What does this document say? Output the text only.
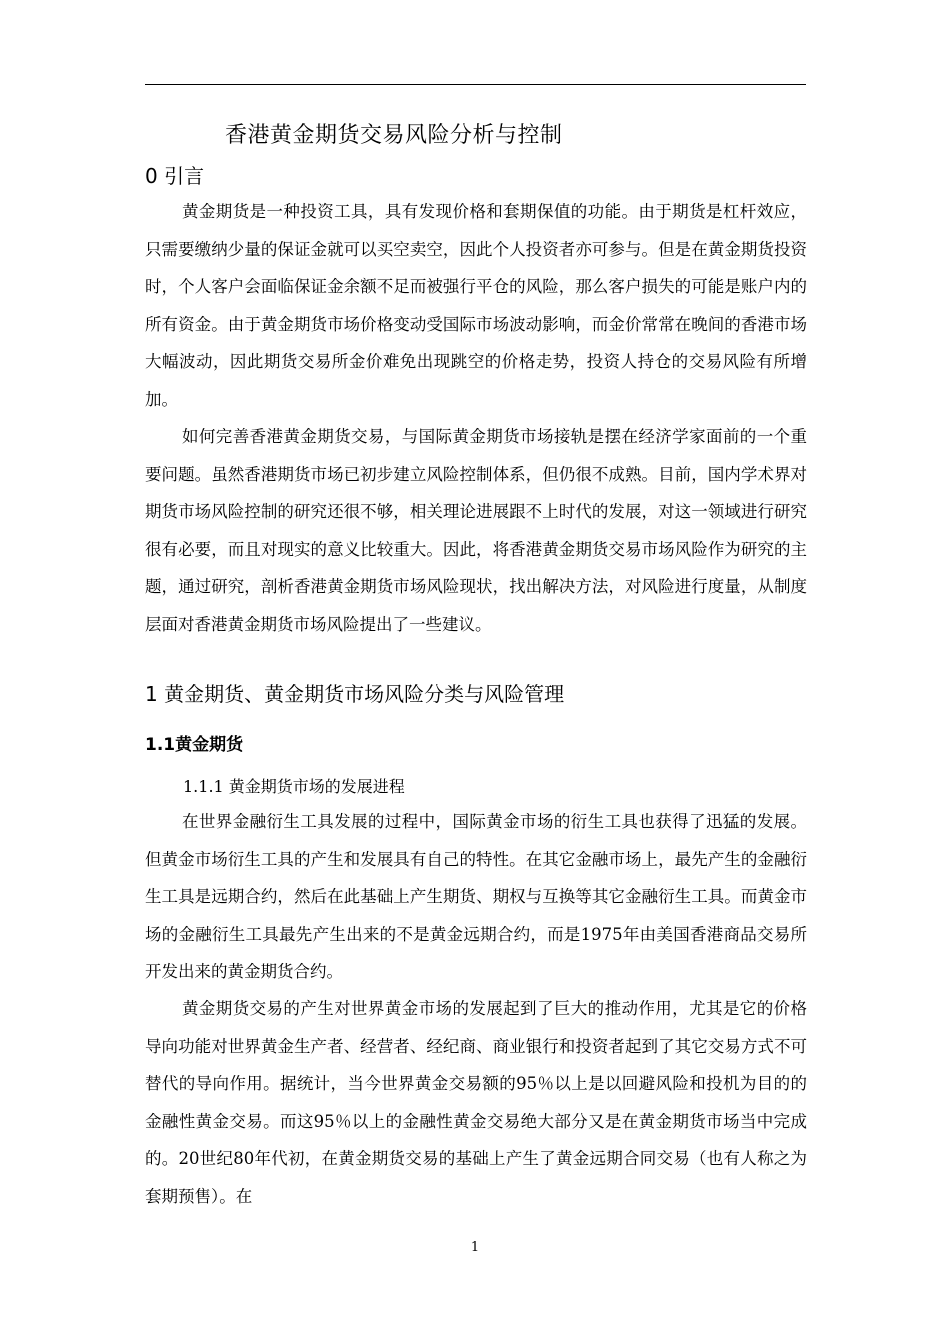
香港黄金期货交易风险分析与控制
0 引言
黄金期货是一种投资工具，具有发现价格和套期保值的功能。由于期货是杠杆效应，只需要缴纳少量的保证金就可以买空卖空，因此个人投资者亦可参与。但是在黄金期货投资时，个人客户会面临保证金余额不足而被强行平仓的风险，那么客户损失的可能是账户内的所有资金。由于黄金期货市场价格变动受国际市场波动影响，而金价常常在晚间的香港市场大幅波动，因此期货交易所金价难免出现跳空的价格走势，投资人持仓的交易风险有所增加。
如何完善香港黄金期货交易，与国际黄金期货市场接轨是摆在经济学家面前的一个重要问题。虽然香港期货市场已初步建立风险控制体系，但仍很不成熟。目前，国内学术界对期货市场风险控制的研究还很不够，相关理论进展跟不上时代的发展，对这一领域进行研究很有必要，而且对现实的意义比较重大。因此，将香港黄金期货交易市场风险作为研究的主题，通过研究，剖析香港黄金期货市场风险现状，找出解决方法，对风险进行度量，从制度层面对香港黄金期货市场风险提出了一些建议。
1 黄金期货、黄金期货市场风险分类与风险管理
1.1黄金期货
1.1.1 黄金期货市场的发展进程
在世界金融衍生工具发展的过程中，国际黄金市场的衍生工具也获得了迅猛的发展。但黄金市场衍生工具的产生和发展具有自己的特性。在其它金融市场上，最先产生的金融衍生工具是远期合约，然后在此基础上产生期货、期权与互换等其它金融衍生工具。而黄金市场的金融衍生工具最先产生出来的不是黄金远期合约，而是1975年由美国香港商品交易所开发出来的黄金期货合约。
黄金期货交易的产生对世界黄金市场的发展起到了巨大的推动作用，尤其是它的价格导向功能对世界黄金生产者、经营者、经纪商、商业银行和投资者起到了其它交易方式不可替代的导向作用。据统计，当今世界黄金交易额的95％以上是以回避风险和投机为目的的金融性黄金交易。而这95％以上的金融性黄金交易绝大部分又是在黄金期货市场当中完成的。20世纪80年代初，在黄金期货交易的基础上产生了黄金远期合同交易（也有人称之为套期预售）。在
1
